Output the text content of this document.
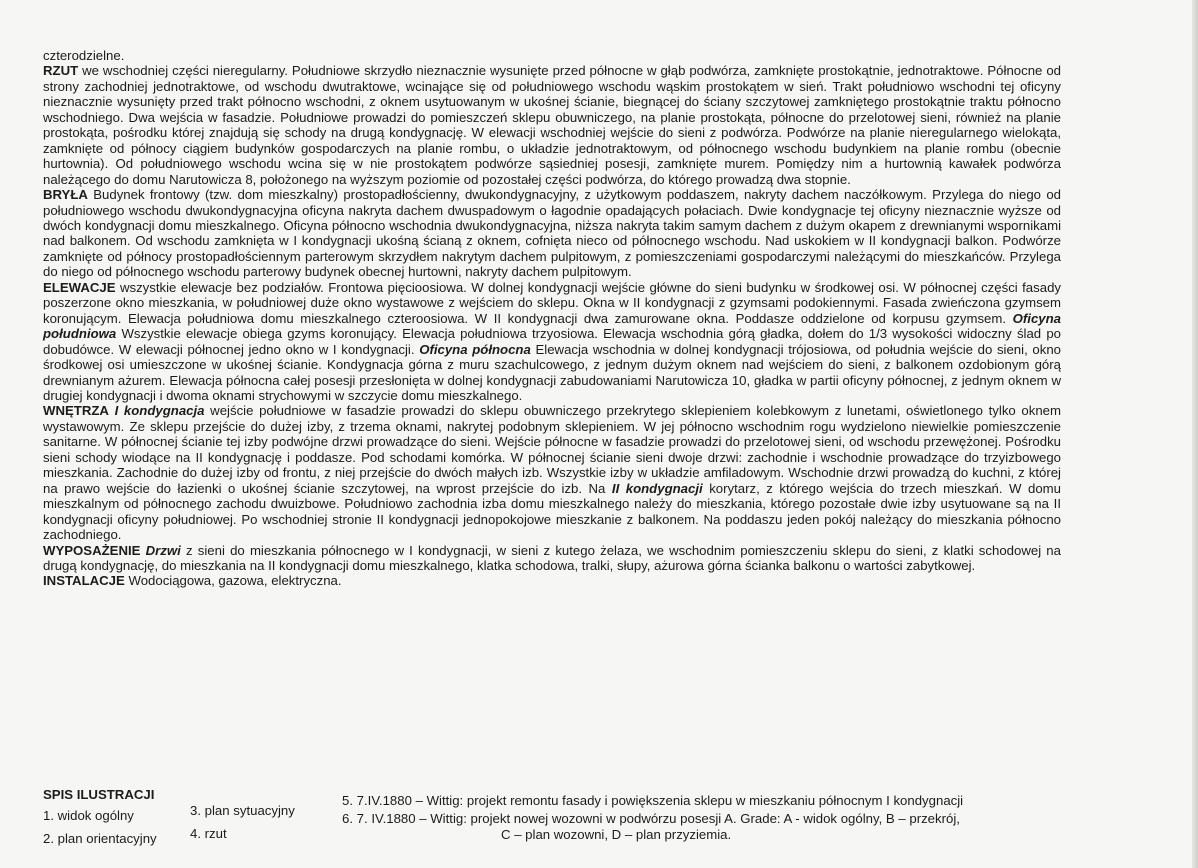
czterodzielne.

RZUT we wschodniej części nieregularny. Południowe skrzydło nieznacznie wysunięte przed północne w głąb podwórza, zamknięte prostokątnie, jednotraktowe. Północne od strony zachodniej jednotraktowe, od wschodu dwutraktowe, wcinające się od południowego wschodu wąskim prostokątem w sień. Trakt południowo wschodni tej oficyny nieznacznie wysunięty przed trakt północno wschodni, z oknem usytuowanym w ukośnej ścianie, biegnącej do ściany szczytowej zamkniętego prostokątnie traktu północno wschodniego. Dwa wejścia w fasadzie. Południowe prowadzi do pomieszczeń sklepu obuwniczego, na planie prostokąta, północne do przelotowej sieni, również na planie prostokąta, pośrodku której znajdują się schody na drugą kondygnację. W elewacji wschodniej wejście do sieni z podwórza. Podwórze na planie nieregularnego wielokąta, zamknięte od północy ciągiem budynków gospodarczych na planie rombu, o układzie jednotraktowym, od północnego wschodu budynkiem na planie rombu (obecnie hurtownia). Od południowego wschodu wcina się w nie prostokątem podwórze sąsiedniej posesji, zamknięte murem. Pomiędzy nim a hurtownią kawałek podwórza należącego do domu Narutowicza 8, położonego na wyższym poziomie od pozostałej części podwórza, do którego prowadzą dwa stopnie.

BRYŁA Budynek frontowy (tzw. dom mieszkalny) prostopadłościenny, dwukondygnacyjny, z użytkowym poddaszem, nakryty dachem naczółkowym. Przylega do niego od południowego wschodu dwukondygnacyjna oficyna nakryta dachem dwuspadowym o łagodnie opadających połaciach. Dwie kondygnacje tej oficyny nieznacznie wyższe od dwóch kondygnacji domu mieszkalnego. Oficyna północno wschodnia dwukondygnacyjna, niższa nakryta takim samym dachem z dużym okapem z drewnianymi wspornikami nad balkonem. Od wschodu zamknięta w I kondygnacji ukośną ścianą z oknem, cofnięta nieco od północnego wschodu. Nad uskokiem w II kondygnacji balkon. Podwórze zamknięte od północy prostopadłościennym parterowym skrzydłem nakrytym dachem pulpitowym, z pomieszczeniami gospodarczymi należącymi do mieszkańców. Przylega do niego od północnego wschodu parterowy budynek obecnej hurtowni, nakryty dachem pulpitowym.

ELEWACJE wszystkie elewacje bez podziałów. Frontowa pięcioosiowa. W dolnej kondygnacji wejście główne do sieni budynku w środkowej osi. W północnej części fasady poszerzone okno mieszkania, w południowej duże okno wystawowe z wejściem do sklepu. Okna w II kondygnacji z gzymsami podokiennymi. Fasada zwieńczona gzymsem koronującym. Elewacja południowa domu mieszkalnego czteroosiowa. W II kondygnacji dwa zamurowane okna. Poddasze oddzielone od korpusu gzymsem. Oficyna południowa Wszystkie elewacje obiega gzyms koronujący. Elewacja południowa trzyosiowa. Elewacja wschodnia górą gładka, dołem do 1/3 wysokości widoczny ślad po dobudówce. W elewacji północnej jedno okno w I kondygnacji. Oficyna północna Elewacja wschodnia w dolnej kondygnacji trójosiowa, od południa wejście do sieni, okno środkowej osi umieszczone w ukośnej ścianie. Kondygnacja górna z muru szachulcowego, z jednym dużym oknem nad wejściem do sieni, z balkonem ozdobionym górą drewnianym ażurem. Elewacja północna całej posesji przesłonięta w dolnej kondygnacji zabudowaniami Narutowicza 10, gładka w partii oficyny północnej, z jednym oknem w drugiej kondygnacji i dwoma oknami strychowymi w szczycie domu mieszkalnego.

WNĘTRZA I kondygnacja wejście południowe w fasadzie prowadzi do sklepu obuwniczego przekrytego sklepieniem kolebkowym z lunetami, oświetlonego tylko oknem wystawowym. Ze sklepu przejście do dużej izby, z trzema oknami, nakrytej podobnym sklepieniem. W jej północno wschodnim rogu wydzielono niewielkie pomieszczenie sanitarne. W północnej ścianie tej izby podwójne drzwi prowadzące do sieni. Wejście północne w fasadzie prowadzi do przelotowej sieni, od wschodu przewężonej. Pośrodku sieni schody wiodące na II kondygnację i poddasze. Pod schodami komórka. W północnej ścianie sieni dwoje drzwi: zachodnie i wschodnie prowadzące do trzyizbowego mieszkania. Zachodnie do dużej izby od frontu, z niej przejście do dwóch małych izb. Wszystkie izby w układzie amfiladowym. Wschodnie drzwi prowadzą do kuchni, z której na prawo wejście do łazienki o ukośnej ścianie szczytowej, na wprost przejście do izb. Na II kondygnacji korytarz, z którego wejścia do trzech mieszkań. W domu mieszkalnym od północnego zachodu dwuizbowe. Południowo zachodnia izba domu mieszkalnego należy do mieszkania, którego pozostałe dwie izby usytuowane są na II kondygnacji oficyny południowej. Po wschodniej stronie II kondygnacji jednopokojowe mieszkanie z balkonem. Na poddaszu jeden pokój należący do mieszkania północno zachodniego.

WYPOSAŻENIE Drzwi z sieni do mieszkania północnego w I kondygnacji, w sieni z kutego żelaza, we wschodnim pomieszczeniu sklepu do sieni, z klatki schodowej na drugą kondygnację, do mieszkania na II kondygnacji domu mieszkalnego, klatka schodowa, tralki, słupy, ażurowa górna ścianka balkonu o wartości zabytkowej.

INSTALACJE Wodociągowa, gazowa, elektryczna.

SPIS ILUSTRACJI
1. widok ogólny
2. plan orientacyjny
3. plan sytuacyjny
4. rzut
5. 7.IV.1880 – Wittig: projekt remontu fasady i powiększenia sklepu w mieszkaniu północnym I kondygnacji
6. 7. IV.1880 – Wittig: projekt nowej wozowni w podwórzu posesji A. Grade: A - widok ogólny, B – przekrój,
C – plan wozowni, D – plan przyziemia.
